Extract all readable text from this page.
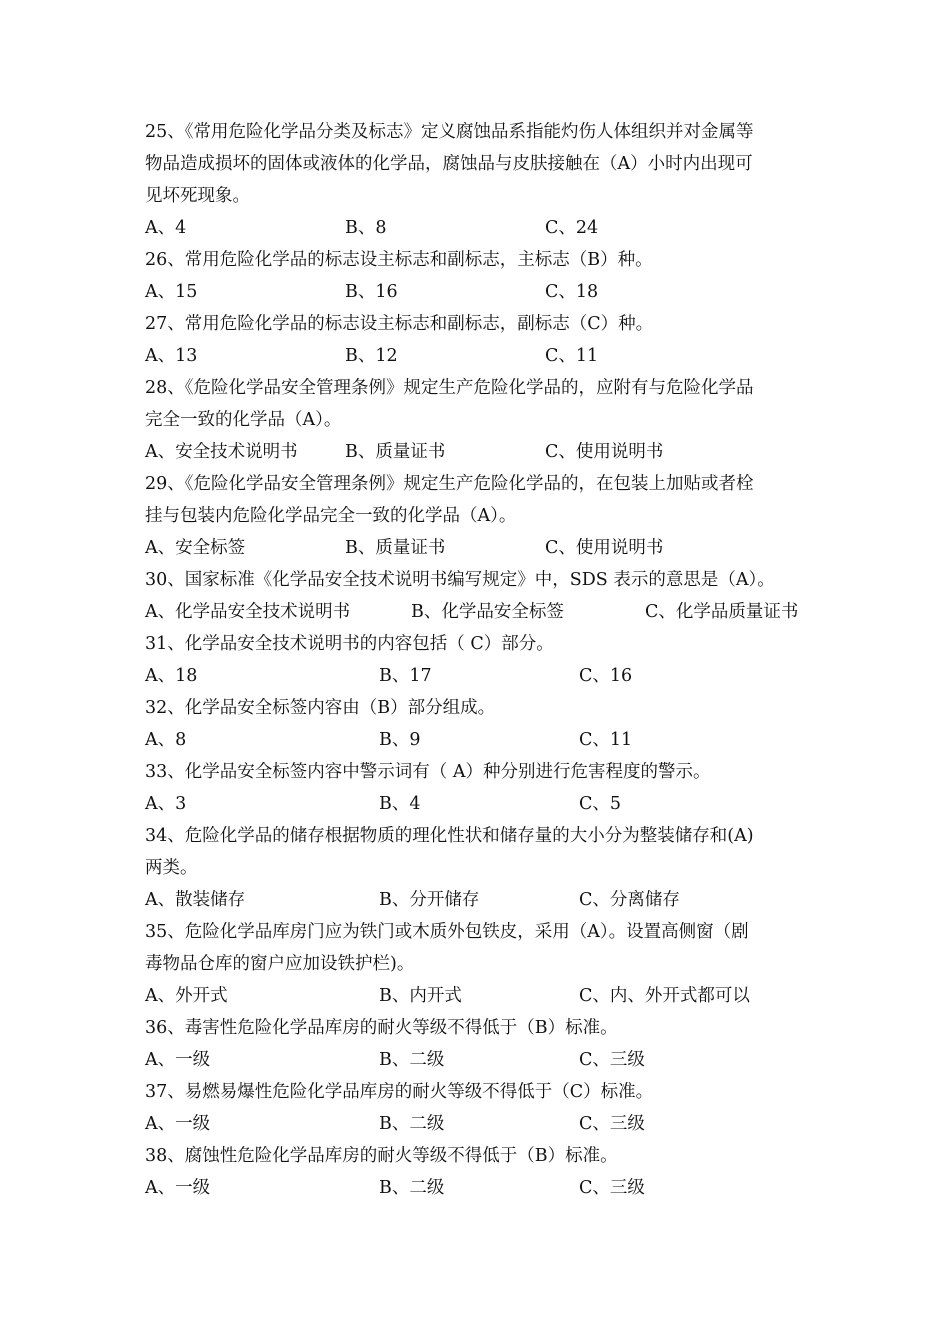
25、《常用危险化学品分类及标志》定义腐蚀品系指能灼伤人体组织并对金属等
物品造成损坏的固体或液体的化学品，腐蚀品与皮肤接触在（A）小时内出现可
见坏死现象。
A、4	B、8	C、24
26、常用危险化学品的标志设主标志和副标志，主标志（B）种。
A、15	B、16	C、18
27、常用危险化学品的标志设主标志和副标志，副标志（C）种。
A、13	B、12	C、11
28、《危险化学品安全管理条例》规定生产危险化学品的，应附有与危险化学品
完全一致的化学品（A）。
A、安全技术说明书	B、质量证书	C、使用说明书
29、《危险化学品安全管理条例》规定生产危险化学品的，在包装上加贴或者栓
挂与包装内危险化学品完全一致的化学品（A）。
A、安全标签	B、质量证书	C、使用说明书
30、国家标准《化学品安全技术说明书编写规定》中，SDS 表示的意思是（A）。
A、化学品安全技术说明书	B、化学品安全标签	C、化学品质量证书
31、化学品安全技术说明书的内容包括（ C）部分。
A、18	B、17	C、16
32、化学品安全标签内容由（B）部分组成。
A、8	B、9	C、11
33、化学品安全标签内容中警示词有（ A）种分别进行危害程度的警示。
A、3	B、4	C、5
34、危险化学品的储存根据物质的理化性状和储存量的大小分为整装储存和(A)
两类。
A、散装储存	B、分开储存	C、分离储存
35、危险化学品库房门应为铁门或木质外包铁皮，采用（A）。设置高侧窗（剧
毒物品仓库的窗户应加设铁护栏)。
A、外开式	B、内开式	C、内、外开式都可以
36、毒害性危险化学品库房的耐火等级不得低于（B）标准。
A、一级	B、二级	C、三级
37、易燃易爆性危险化学品库房的耐火等级不得低于（C）标准。
A、一级	B、二级	C、三级
38、腐蚀性危险化学品库房的耐火等级不得低于（B）标准。
A、一级	B、二级	C、三级
